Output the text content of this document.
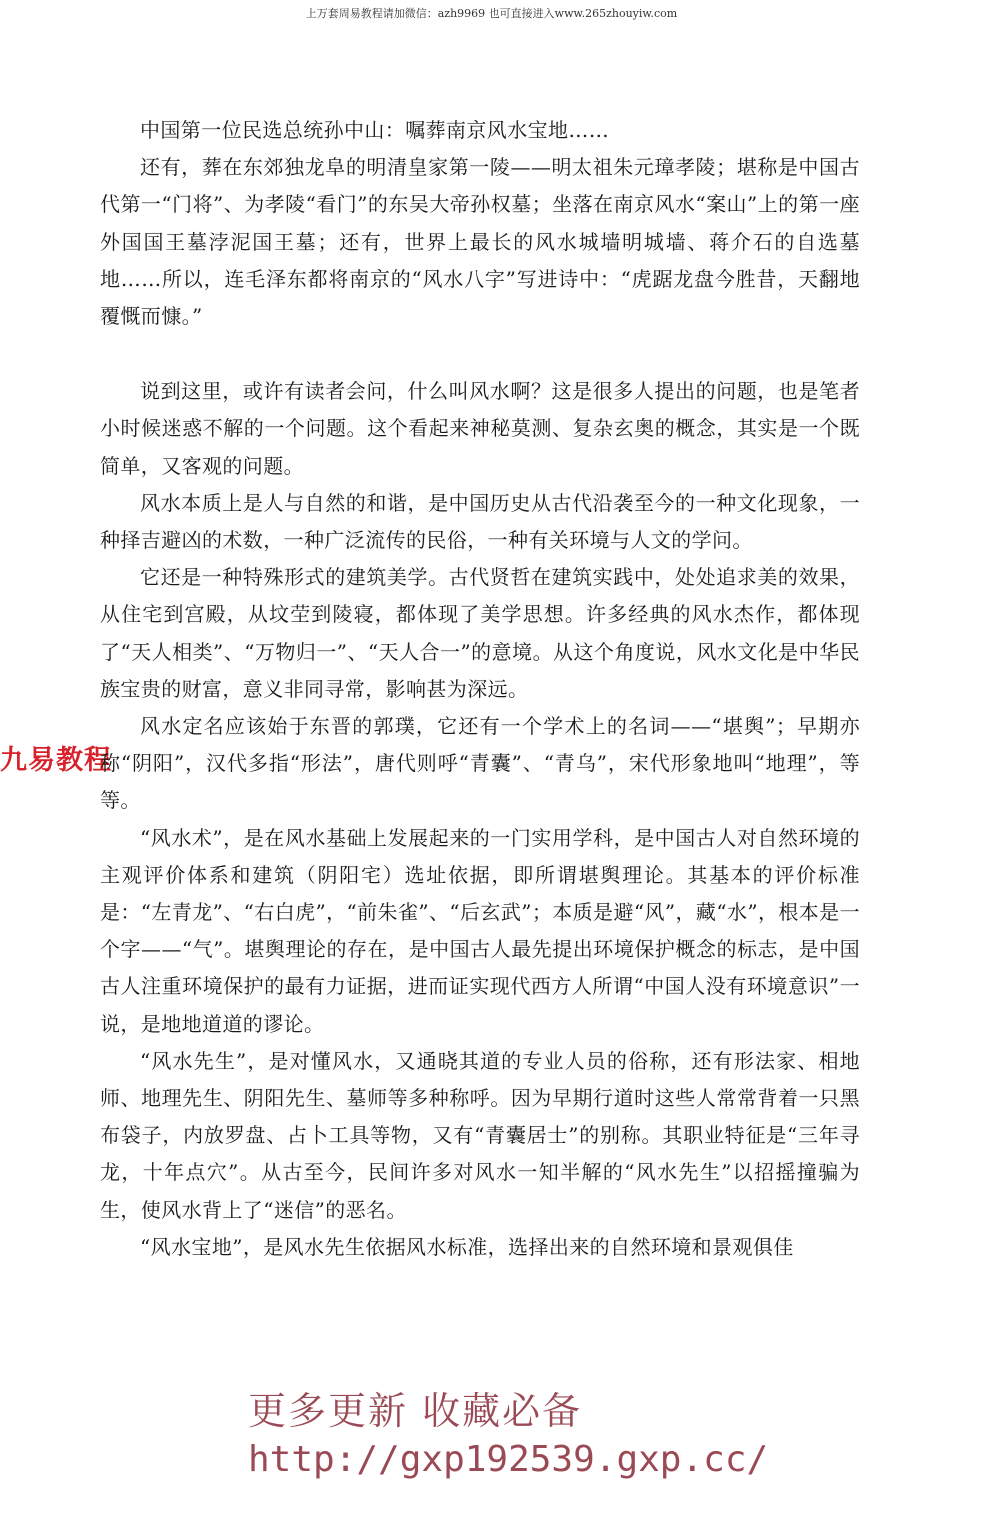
上万套周易教程请加微信：azh9969 也可直接进入www.265zhouyiw.com
九易教程

中国第一位民选总统孙中山：嘱葬南京风水宝地……

还有，葬在东郊独龙阜的明清皇家第一陵——明太祖朱元璋孝陵；堪称是中国古代第一“门将”、为孝陵“看门”的东吴大帝孙权墓；坐落在南京风水“案山”上的第一座外国国王墓浡泥国王墓；还有，世界上最长的风水城墙明城墙、蒋介石的自选墓地……所以，连毛泽东都将南京的“风水八字”写进诗中：“虎踞龙盘今胜昔，天翻地覆慨而慷。”

说到这里，或许有读者会问，什么叫风水啊？这是很多人提出的问题，也是笔者小时候迷惑不解的一个问题。这个看起来神秘莫测、复杂玄奥的概念，其实是一个既简单，又客观的问题。

风水本质上是人与自然的和谐，是中国历史从古代沿袭至今的一种文化现象，一种择吉避凶的术数，一种广泛流传的民俗，一种有关环境与人文的学问。

它还是一种特殊形式的建筑美学。古代贤哲在建筑实践中，处处追求美的效果，从住宅到宫殿，从坟茔到陵寝，都体现了美学思想。许多经典的风水杰作，都体现了“天人相类”、“万物归一”、“天人合一”的意境。从这个角度说，风水文化是中华民族宝贵的财富，意义非同寻常，影响甚为深远。

风水定名应该始于东晋的郭璞，它还有一个学术上的名词——“堪舆”；早期亦称“阴阳”，汉代多指“形法”，唐代则呼“青囊”、“青乌”，宋代形象地叫“地理”，等等。

“风水术”，是在风水基础上发展起来的一门实用学科，是中国古人对自然环境的主观评价体系和建筑（阴阳宅）选址依据，即所谓堪舆理论。其基本的评价标准是：“左青龙”、“右白虎”，“前朱雀”、“后玄武”；本质是避“风”，藏“水”，根本是一个字——“气”。堪舆理论的存在，是中国古人最先提出环境保护概念的标志，是中国古人注重环境保护的最有力证据，进而证实现代西方人所谓“中国人没有环境意识”一说，是地地道道的谬论。

“风水先生”，是对懂风水，又通晓其道的专业人员的俗称，还有形法家、相地师、地理先生、阴阳先生、墓师等多种称呼。因为早期行道时这些人常常背着一只黑布袋子，内放罗盘、占卜工具等物，又有“青囊居士”的别称。其职业特征是“三年寻龙，十年点穴”。从古至今，民间许多对风水一知半解的“风水先生”以招摇撞骗为生，使风水背上了“迷信”的恶名。

“风水宝地”，是风水先生依据风水标准，选择出来的自然环境和景观俱佳

更多更新 收藏必备
http://gxp192539.gxp.cc/
